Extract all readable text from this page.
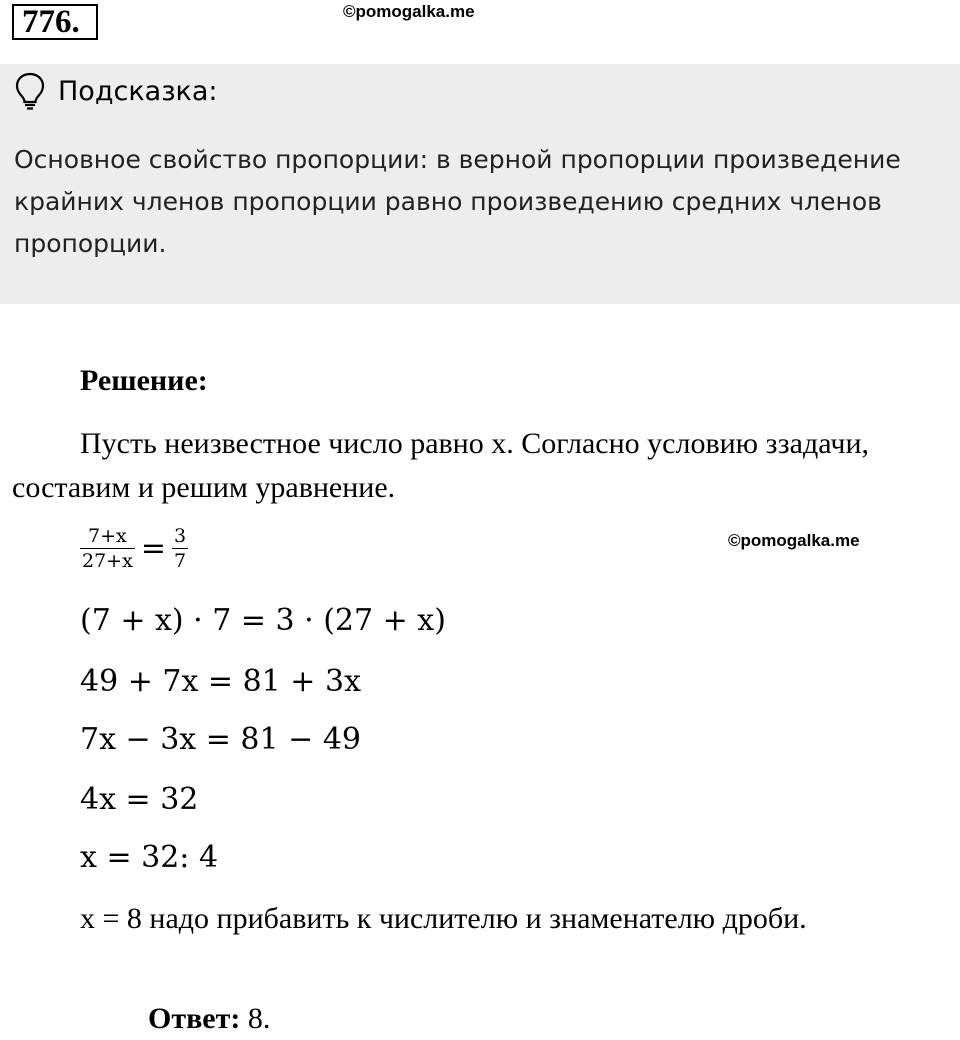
776.	©pomogalka.me
Подсказка:
Основное свойство пропорции: в верной пропорции произведение крайних членов пропорции равно произведению средних членов пропорции.
Решение:
Пусть неизвестное число равно x. Согласно условию ззадачи, составим и решим уравнение.
$\frac{7+x}{27+x} = \frac{3}{7}$	©pomogalka.me
(7 + x) · 7 = 3 · (27 + x)
49 + 7x = 81 + 3x
7x − 3x = 81 − 49
4x = 32
x = 32: 4
x = 8 надо прибавить к числителю и знаменателю дроби.
Ответ: 8.
